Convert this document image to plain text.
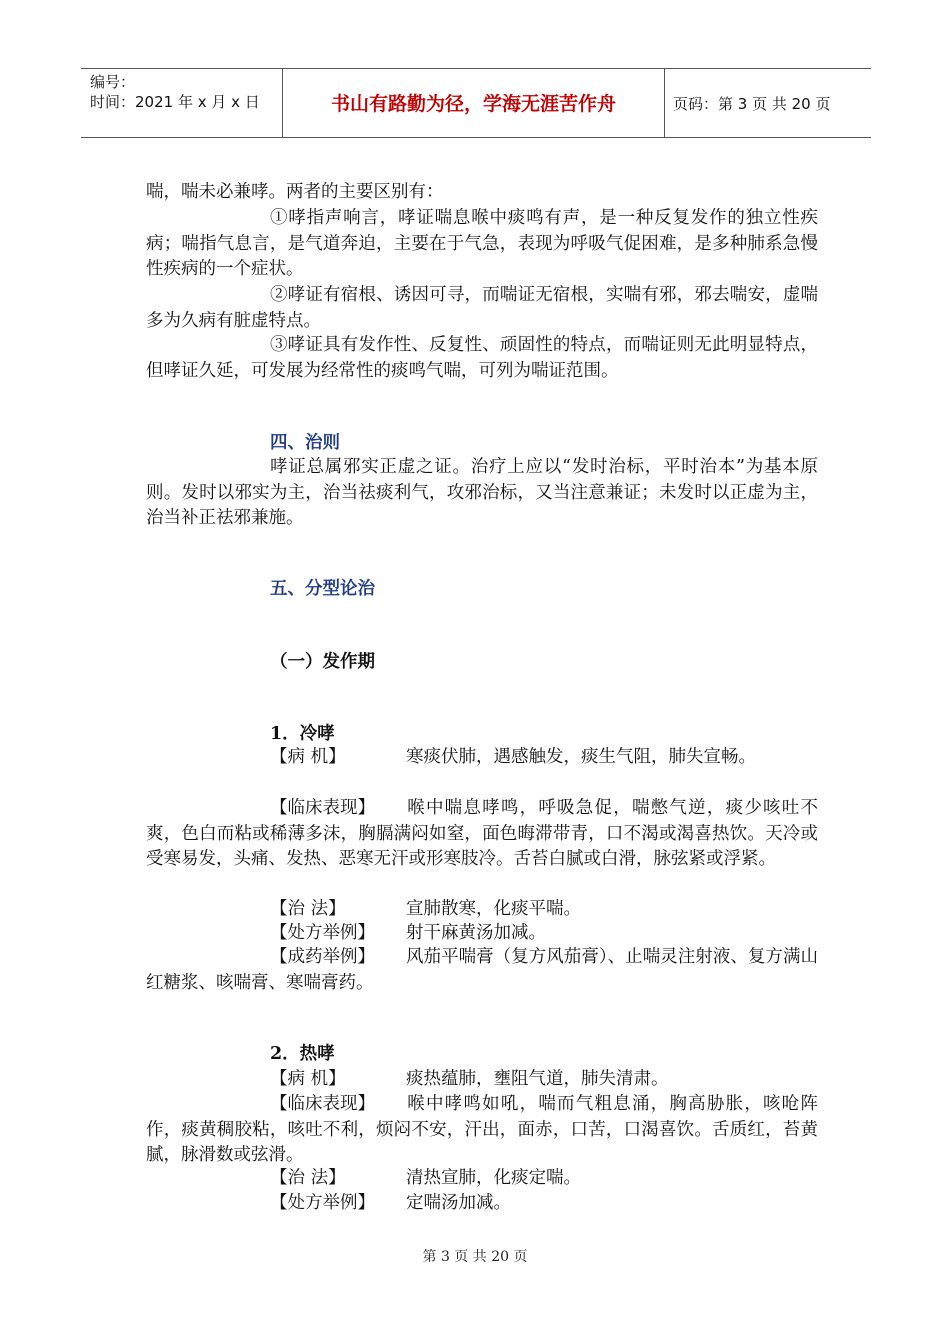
编号：
时间：2021 年 x 月 x 日	书山有路勤为径，学海无涯苦作舟	页码：第 3 页 共 20 页
喘，喘未必兼哮。两者的主要区别有：
①哮指声响言，哮证喘息喉中痰鸣有声，是一种反复发作的独立性疾病；喘指气息言，是气道奔迫，主要在于气急，表现为呼吸气促困难，是多种肺系急慢性疾病的一个症状。
②哮证有宿根、诱因可寻，而喘证无宿根，实喘有邪，邪去喘安，虚喘多为久病有脏虚特点。
③哮证具有发作性、反复性、顽固性的特点，而喘证则无此明显特点，但哮证久延，可发展为经常性的痰鸣气喘，可列为喘证范围。
四、治则
哮证总属邪实正虚之证。治疗上应以“发时治标，平时治本”为基本原则。发时以邪实为主，治当祛痰利气，攻邪治标，又当注意兼证；未发时以正虚为主，治当补正祛邪兼施。
五、分型论治
（一）发作期
1．冷哮
【病 机】	寒痰伏肺，遇感触发，痰生气阻，肺失宣畅。
【临床表现】 喉中喘息哮鸣，呼吸急促，喘憋气逆，痰少咳吐不爽，色白而粘或稀薄多沫，胸膈满闷如窒，面色晦滞带青，口不渴或渴喜热饮。天冷或受寒易发，头痛、发热、恶寒无汗或形寒肢冷。舌苔白腻或白滑，脉弦紧或浮紧。
【治 法】	宣肺散寒，化痰平喘。
【处方举例】 射干麻黄汤加减。
【成药举例】 风茄平喘膏（复方风茄膏）、止喘灵注射液、复方满山红糖浆、咳喘膏、寒喘膏药。
2．热哮
【病 机】	痰热蕴肺，壅阻气道，肺失清肃。
【临床表现】 喉中哮鸣如吼，喘而气粗息涌，胸高胁胀，咳呛阵作，痰黄稠胶粘，咳吐不利，烦闷不安，汗出，面赤，口苦，口渴喜饮。舌质红，苔黄腻，脉滑数或弦滑。
【治 法】	清热宣肺，化痰定喘。
【处方举例】 定喘汤加减。
第 3 页 共 20 页
